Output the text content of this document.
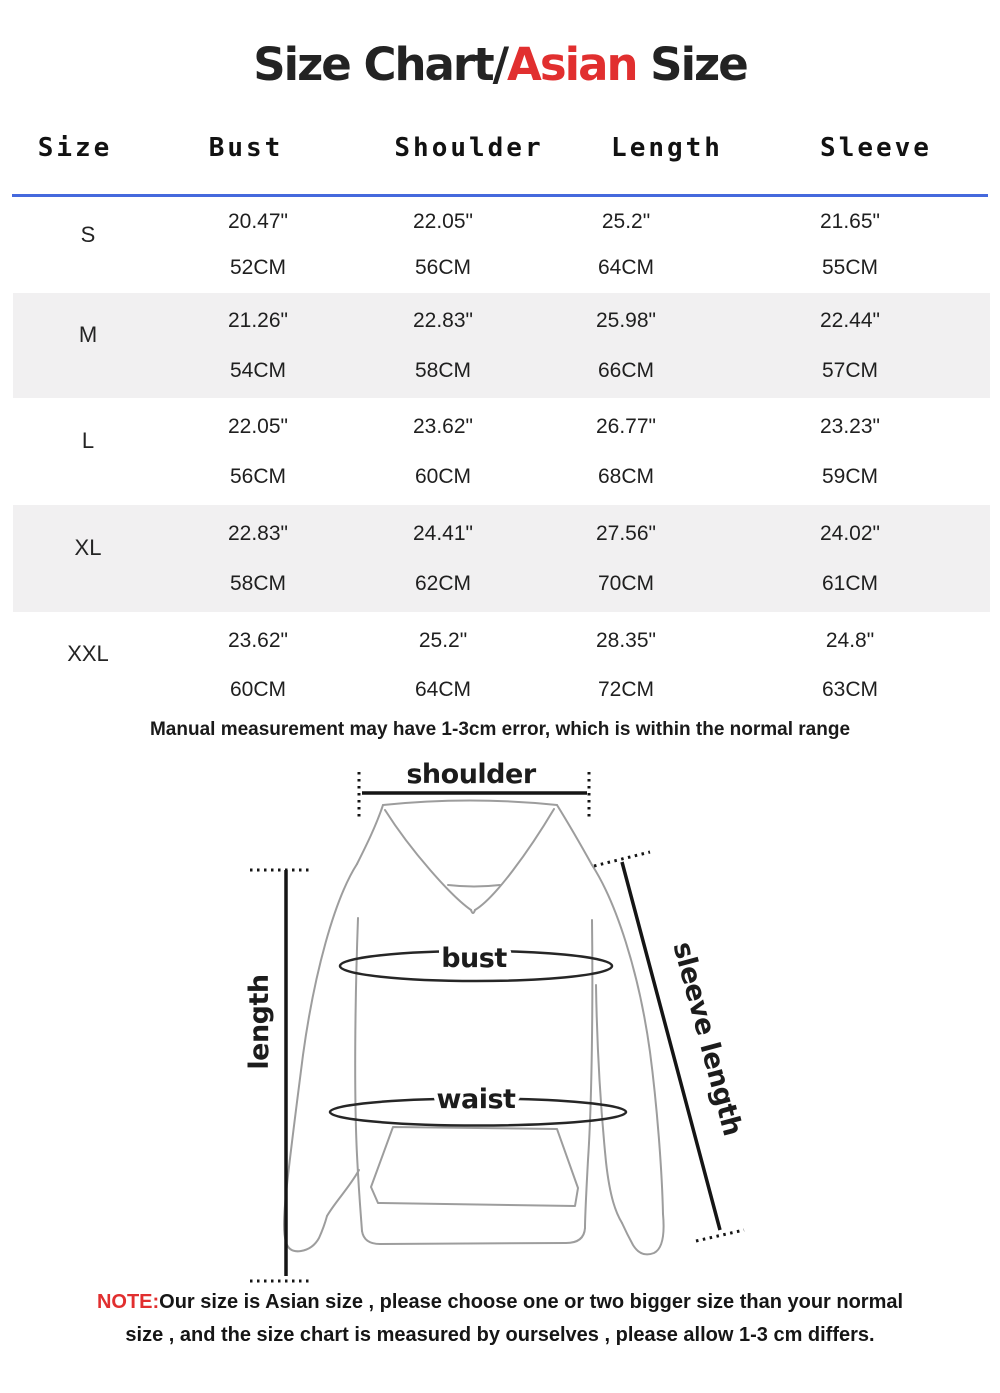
Size Chart/Asian Size
Size	Bust	Shoulder	Length	Sleeve
S
20.47"	22.05"	25.2"	21.65"
52CM	56CM	64CM	55CM
M
21.26"	22.83"	25.98"	22.44"
54CM	58CM	66CM	57CM
L
22.05"	23.62"	26.77"	23.23"
56CM	60CM	68CM	59CM
XL
22.83"	24.41"	27.56"	24.02"
58CM	62CM	70CM	61CM
XXL
23.62"	25.2"	28.35"	24.8"
60CM	64CM	72CM	63CM
Manual measurement may have 1-3cm error, which is within the normal range
shoulder
bust
waist
length	sleeve length
NOTE:Our size is Asian size , please choose one or two bigger size than your normal
size , and the size chart is measured by ourselves , please allow 1-3 cm differs.
